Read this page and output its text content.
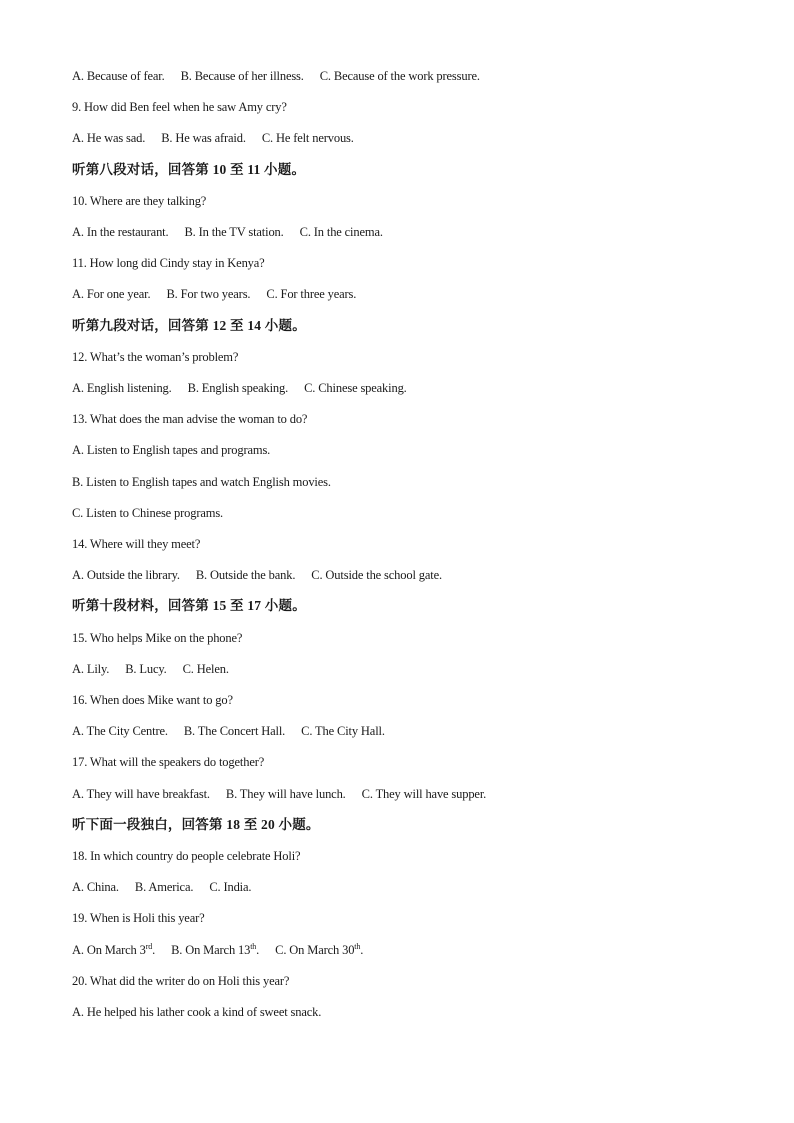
A. Because of fear. B. Because of her illness. C. Because of the work pressure.
9. How did Ben feel when he saw Amy cry?
A. He was sad. B. He was afraid. C. He felt nervous.
听第八段对话，回答第 10 至 11 小题。
10. Where are they talking?
A. In the restaurant. B. In the TV station. C. In the cinema.
11. How long did Cindy stay in Kenya?
A. For one year. B. For two years. C. For three years.
听第九段对话，回答第 12 至 14 小题。
12. What’s the woman’s problem?
A. English listening. B. English speaking. C. Chinese speaking.
13. What does the man advise the woman to do?
A. Listen to English tapes and programs.
B. Listen to English tapes and watch English movies.
C. Listen to Chinese programs.
14. Where will they meet?
A. Outside the library. B. Outside the bank. C. Outside the school gate.
听第十段材料，回答第 15 至 17 小题。
15. Who helps Mike on the phone?
A. Lily. B. Lucy. C. Helen.
16. When does Mike want to go?
A. The City Centre. B. The Concert Hall. C. The City Hall.
17. What will the speakers do together?
A. They will have breakfast. B. They will have lunch. C. They will have supper.
听下面一段独白，回答第 18 至 20 小题。
18. In which country do people celebrate Holi?
A. China. B. America. C. India.
19. When is Holi this year?
A. On March 3rd. B. On March 13th. C. On March 30th.
20. What did the writer do on Holi this year?
A. He helped his lather cook a kind of sweet snack.
